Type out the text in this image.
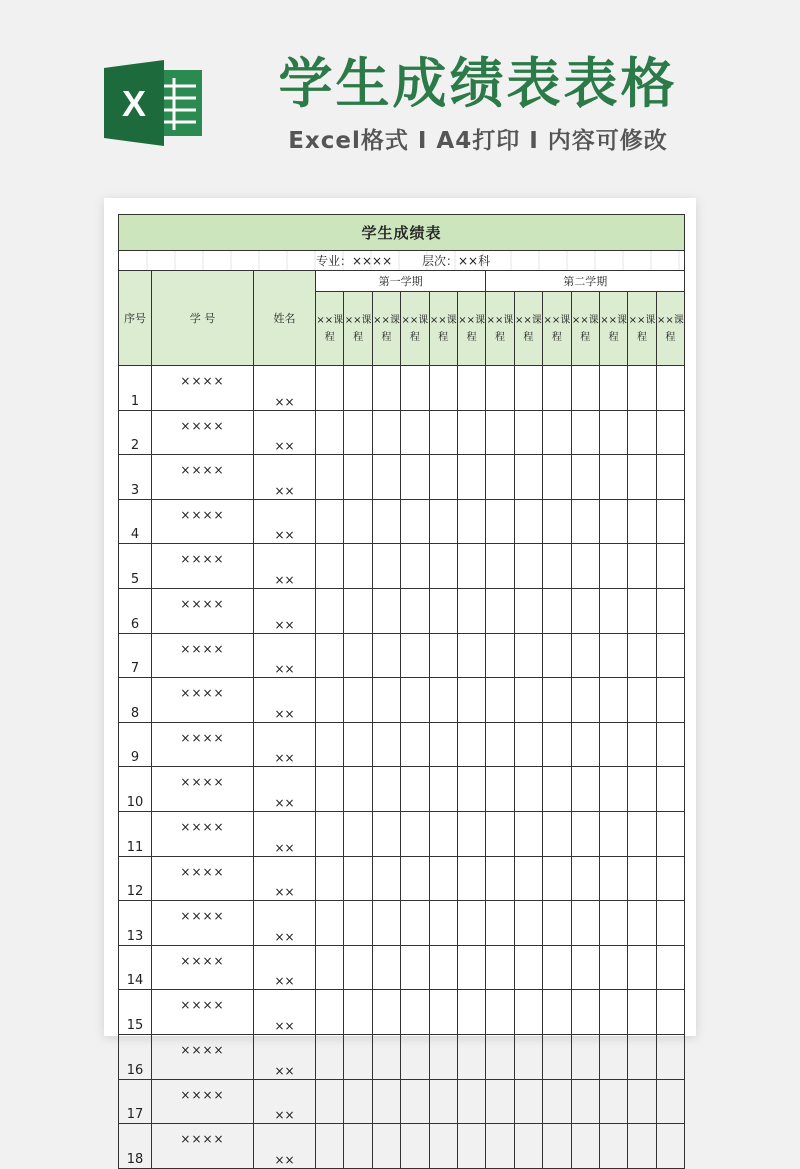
X	学生成绩表表格
Excel格式 I A4打印 I 内容可修改
学生成绩表															
专业：×××× 层次：××科															
序号	学 号	姓名	第一学期						第二学期						
			××课程	××课程	××课程	××课程	××课程	××课程	××课程	××课程	××课程	××课程	××课程	××课程	××课程
1	××××	××													
2	××××	××													
3	××××	××													
4	××××	××													
5	××××	××													
6	××××	××													
7	××××	××													
8	××××	××													
9	××××	××													
10	××××	××													
11	××××	××													
12	××××	××													
13	××××	××													
14	××××	××													
15	××××	××													
16	××××	××													
17	××××	××													
18	××××	××													
